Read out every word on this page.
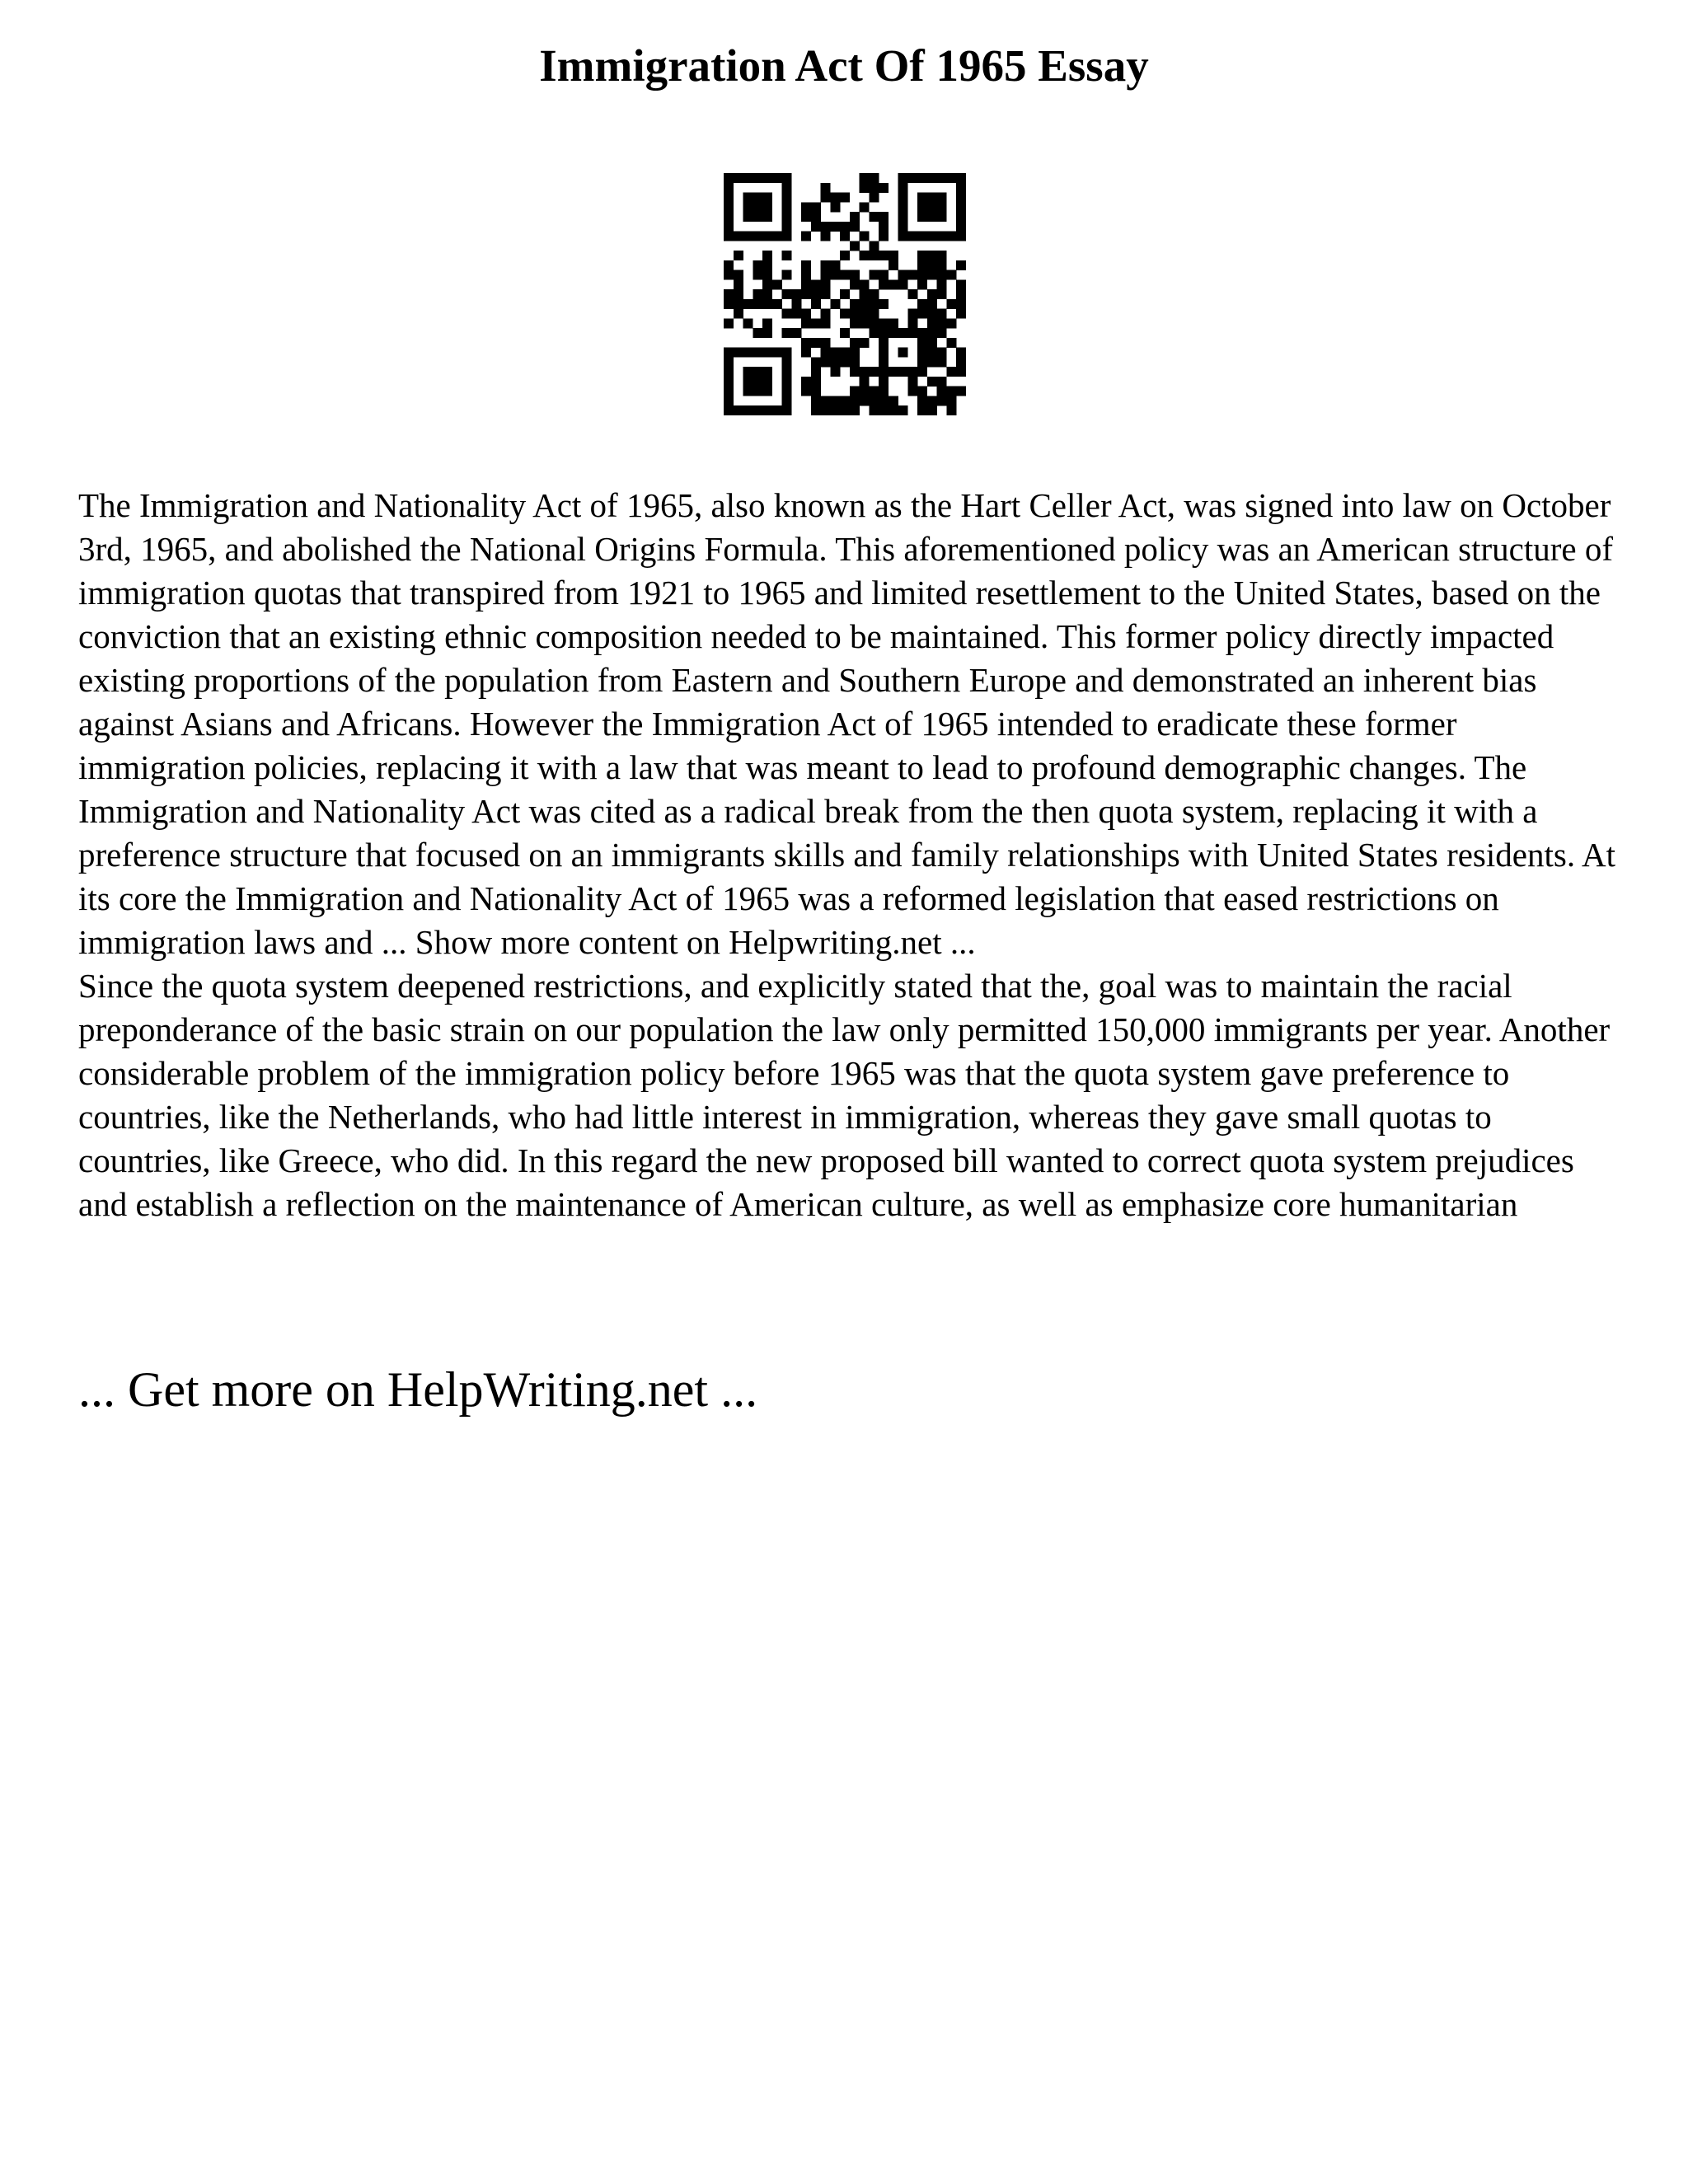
Immigration Act Of 1965 Essay

The Immigration and Nationality Act of 1965, also known as the Hart Celler Act, was signed into law on October 3rd, 1965, and abolished the National Origins Formula. This aforementioned policy was an American structure of immigration quotas that transpired from 1921 to 1965 and limited resettlement to the United States, based on the conviction that an existing ethnic composition needed to be maintained. This former policy directly impacted existing proportions of the population from Eastern and Southern Europe and demonstrated an inherent bias against Asians and Africans. However the Immigration Act of 1965 intended to eradicate these former immigration policies, replacing it with a law that was meant to lead to profound demographic changes. The Immigration and Nationality Act was cited as a radical break from the then quota system, replacing it with a preference structure that focused on an immigrants skills and family relationships with United States residents. At its core the Immigration and Nationality Act of 1965 was a reformed legislation that eased restrictions on immigration laws and ... Show more content on Helpwriting.net ...

Since the quota system deepened restrictions, and explicitly stated that the, goal was to maintain the racial preponderance of the basic strain on our population the law only permitted 150,000 immigrants per year. Another considerable problem of the immigration policy before 1965 was that the quota system gave preference to countries, like the Netherlands, who had little interest in immigration, whereas they gave small quotas to countries, like Greece, who did. In this regard the new proposed bill wanted to correct quota system prejudices and establish a reflection on the maintenance of American culture, as well as emphasize core humanitarian

... Get more on HelpWriting.net ...
